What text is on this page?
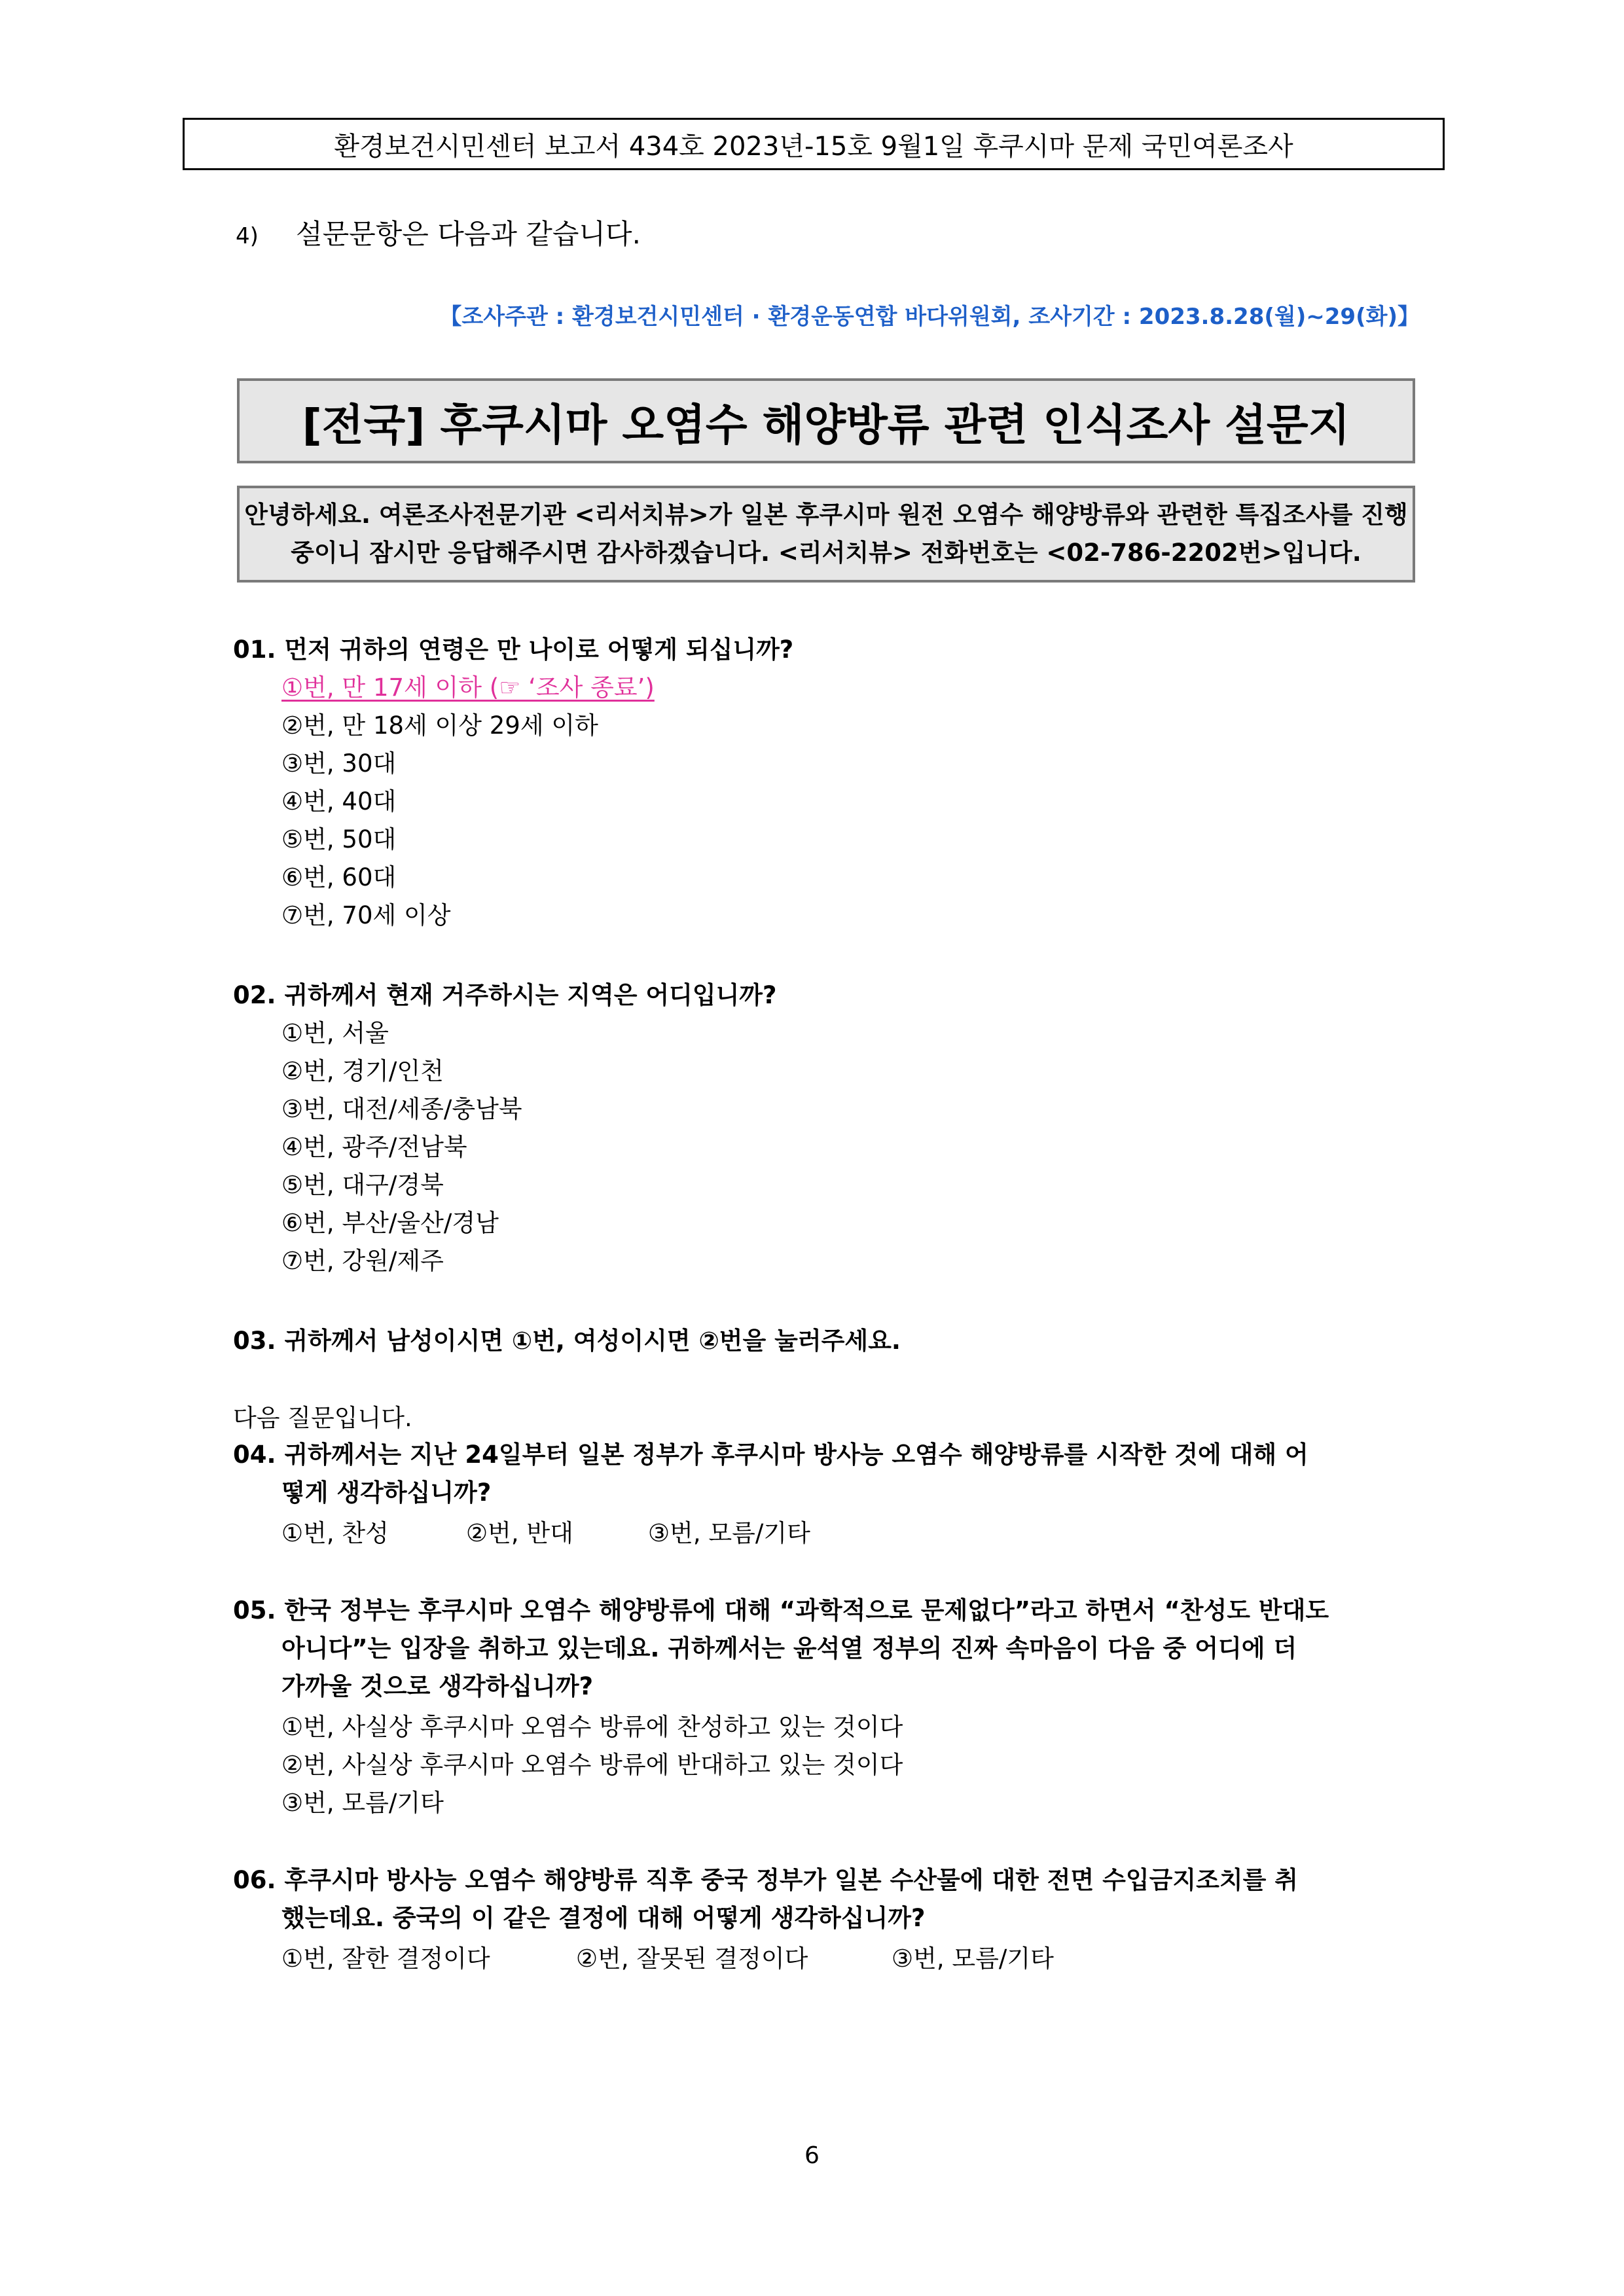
환경보건시민센터 보고서 434호 2023년-15호 9월1일 후쿠시마 문제 국민여론조사
4) 설문문항은 다음과 같습니다.
【조사주관 : 환경보건시민센터 · 환경운동연합 바다위원회, 조사기간 : 2023.8.28(월)~29(화)】
[전국] 후쿠시마 오염수 해양방류 관련 인식조사 설문지
안녕하세요. 여론조사전문기관 <리서치뷰>가 일본 후쿠시마 원전 오염수 해양방류와 관련한 특집조사를 진행
중이니 잠시만 응답해주시면 감사하겠습니다. <리서치뷰> 전화번호는 <02-786-2202번>입니다.
01. 먼저 귀하의 연령은 만 나이로 어떻게 되십니까?
①번, 만 17세 이하 (☞ ‘조사 종료’)
②번, 만 18세 이상 29세 이하
③번, 30대
④번, 40대
⑤번, 50대
⑥번, 60대
⑦번, 70세 이상
02. 귀하께서 현재 거주하시는 지역은 어디입니까?
①번, 서울
②번, 경기/인천
③번, 대전/세종/충남북
④번, 광주/전남북
⑤번, 대구/경북
⑥번, 부산/울산/경남
⑦번, 강원/제주
03. 귀하께서 남성이시면 ①번, 여성이시면 ②번을 눌러주세요.
다음 질문입니다.
04. 귀하께서는 지난 24일부터 일본 정부가 후쿠시마 방사능 오염수 해양방류를 시작한 것에 대해 어
떻게 생각하십니까?
①번, 찬성	②번, 반대	③번, 모름/기타
05. 한국 정부는 후쿠시마 오염수 해양방류에 대해 “과학적으로 문제없다”라고 하면서 “찬성도 반대도
아니다”는 입장을 취하고 있는데요. 귀하께서는 윤석열 정부의 진짜 속마음이 다음 중 어디에 더
가까울 것으로 생각하십니까?
①번, 사실상 후쿠시마 오염수 방류에 찬성하고 있는 것이다
②번, 사실상 후쿠시마 오염수 방류에 반대하고 있는 것이다
③번, 모름/기타
06. 후쿠시마 방사능 오염수 해양방류 직후 중국 정부가 일본 수산물에 대한 전면 수입금지조치를 취
했는데요. 중국의 이 같은 결정에 대해 어떻게 생각하십니까?
①번, 잘한 결정이다	②번, 잘못된 결정이다	③번, 모름/기타
6
